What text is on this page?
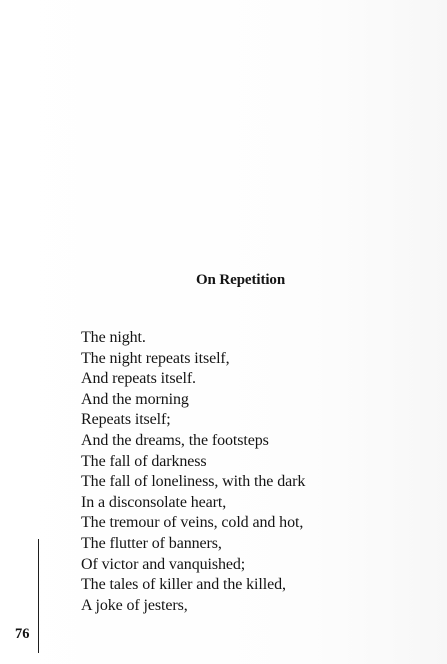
On Repetition
The night.
The night repeats itself,
And repeats itself.
And the morning
Repeats itself;
And the dreams, the footsteps
The fall of darkness
The fall of loneliness, with the dark
In a disconsolate heart,
The tremour of veins, cold and hot,
The flutter of banners,
Of victor and vanquished;
The tales of killer and the killed,
A joke of jesters,
76
